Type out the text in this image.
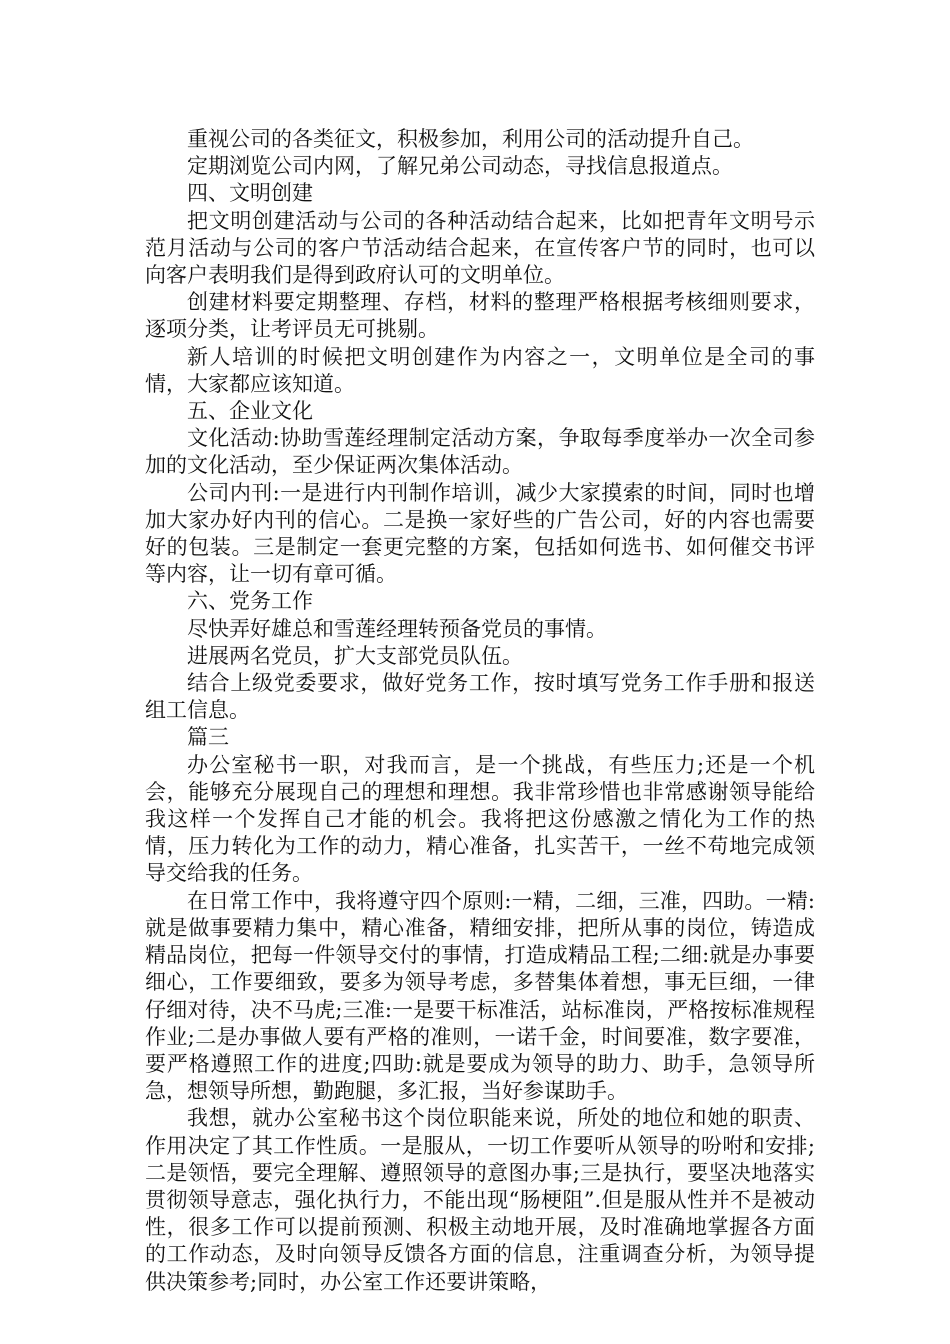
重视公司的各类征文，积极参加，利用公司的活动提升自己。

定期浏览公司内网，了解兄弟公司动态，寻找信息报道点。

四、文明创建

把文明创建活动与公司的各种活动结合起来，比如把青年文明号示范月活动与公司的客户节活动结合起来，在宣传客户节的同时，也可以向客户表明我们是得到政府认可的文明单位。

创建材料要定期整理、存档，材料的整理严格根据考核细则要求，逐项分类，让考评员无可挑剔。

新人培训的时候把文明创建作为内容之一，文明单位是全司的事情，大家都应该知道。

五、企业文化

文化活动:协助雪莲经理制定活动方案，争取每季度举办一次全司参加的文化活动，至少保证两次集体活动。

公司内刊:一是进行内刊制作培训，减少大家摸索的时间，同时也增加大家办好内刊的信心。二是换一家好些的广告公司，好的内容也需要好的包装。三是制定一套更完整的方案，包括如何选书、如何催交书评等内容，让一切有章可循。

六、党务工作

尽快弄好雄总和雪莲经理转预备党员的事情。

进展两名党员，扩大支部党员队伍。

结合上级党委要求，做好党务工作，按时填写党务工作手册和报送组工信息。

篇三

办公室秘书一职，对我而言，是一个挑战，有些压力;还是一个机会，能够充分展现自己的理想和理想。我非常珍惜也非常感谢领导能给我这样一个发挥自己才能的机会。我将把这份感激之情化为工作的热情，压力转化为工作的动力，精心准备，扎实苦干，一丝不苟地完成领导交给我的任务。

在日常工作中，我将遵守四个原则:一精，二细，三准，四助。一精:就是做事要精力集中，精心准备，精细安排，把所从事的岗位，铸造成精品岗位，把每一件领导交付的事情，打造成精品工程;二细:就是办事要细心，工作要细致，要多为领导考虑，多替集体着想，事无巨细，一律仔细对待，决不马虎;三准:一是要干标准活，站标准岗，严格按标准规程作业;二是办事做人要有严格的准则，一诺千金，时间要准，数字要准，要严格遵照工作的进度;四助:就是要成为领导的助力、助手，急领导所急，想领导所想，勤跑腿，多汇报，当好参谋助手。

我想，就办公室秘书这个岗位职能来说，所处的地位和她的职责、作用决定了其工作性质。一是服从，一切工作要听从领导的吩咐和安排;二是领悟，要完全理解、遵照领导的意图办事;三是执行，要坚决地落实贯彻领导意志，强化执行力，不能出现“肠梗阻”.但是服从性并不是被动性，很多工作可以提前预测、积极主动地开展，及时准确地掌握各方面的工作动态，及时向领导反馈各方面的信息，注重调查分析，为领导提供决策参考;同时，办公室工作还要讲策略，
